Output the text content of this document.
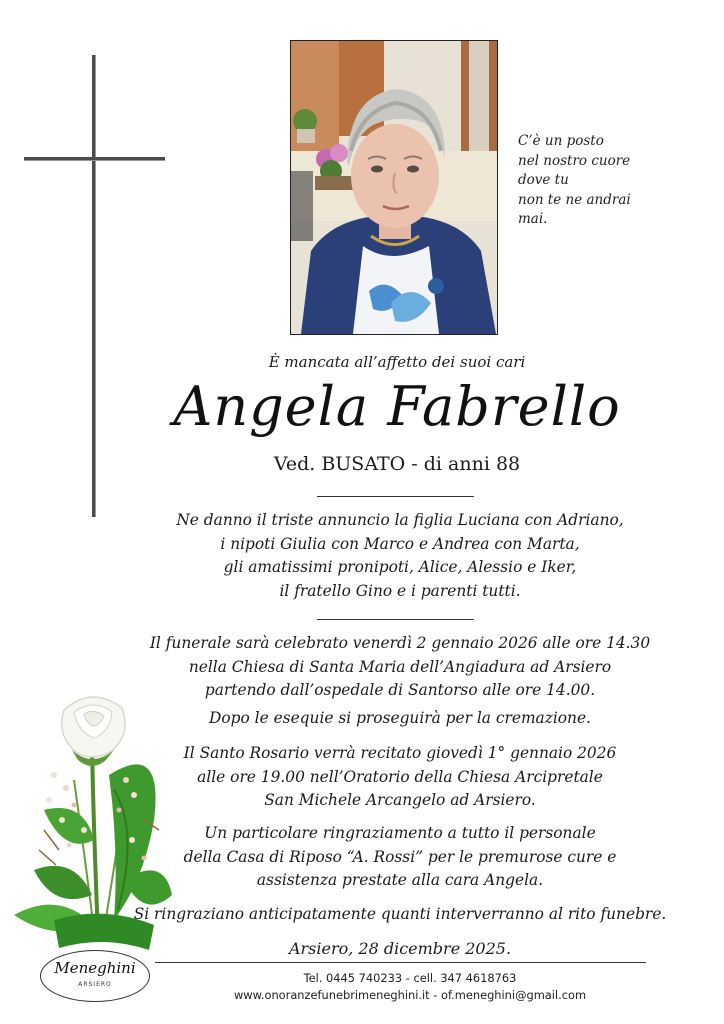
C’è un posto
nel nostro cuore
dove tu
non te ne andrai
mai.
È mancata all’affetto dei suoi cari
Angela Fabrello
Ved. BUSATO - di anni 88
Ne danno il triste annuncio la figlia Luciana con Adriano,
i nipoti Giulia con Marco e Andrea con Marta,
gli amatissimi pronipoti, Alice, Alessio e Iker,
il fratello Gino e i parenti tutti.
Il funerale sarà celebrato venerdì 2 gennaio 2026 alle ore 14.30
nella Chiesa di Santa Maria dell’Angiadura ad Arsiero
partendo dall’ospedale di Santorso alle ore 14.00.
Dopo le esequie si proseguirà per la cremazione.
Il Santo Rosario verrà recitato giovedì 1° gennaio 2026
alle ore 19.00 nell’Oratorio della Chiesa Arcipretale
San Michele Arcangelo ad Arsiero.
Un particolare ringraziamento a tutto il personale
della Casa di Riposo “A. Rossi” per le premurose cure e
assistenza prestate alla cara Angela.
Si ringraziano anticipatamente quanti interverranno al rito funebre.
Arsiero, 28 dicembre 2025.
Tel. 0445 740233 - cell. 347 4618763
www.onoranzefunebrimeneghini.it - of.meneghini@gmail.com
Meneghini
ARSIERO
